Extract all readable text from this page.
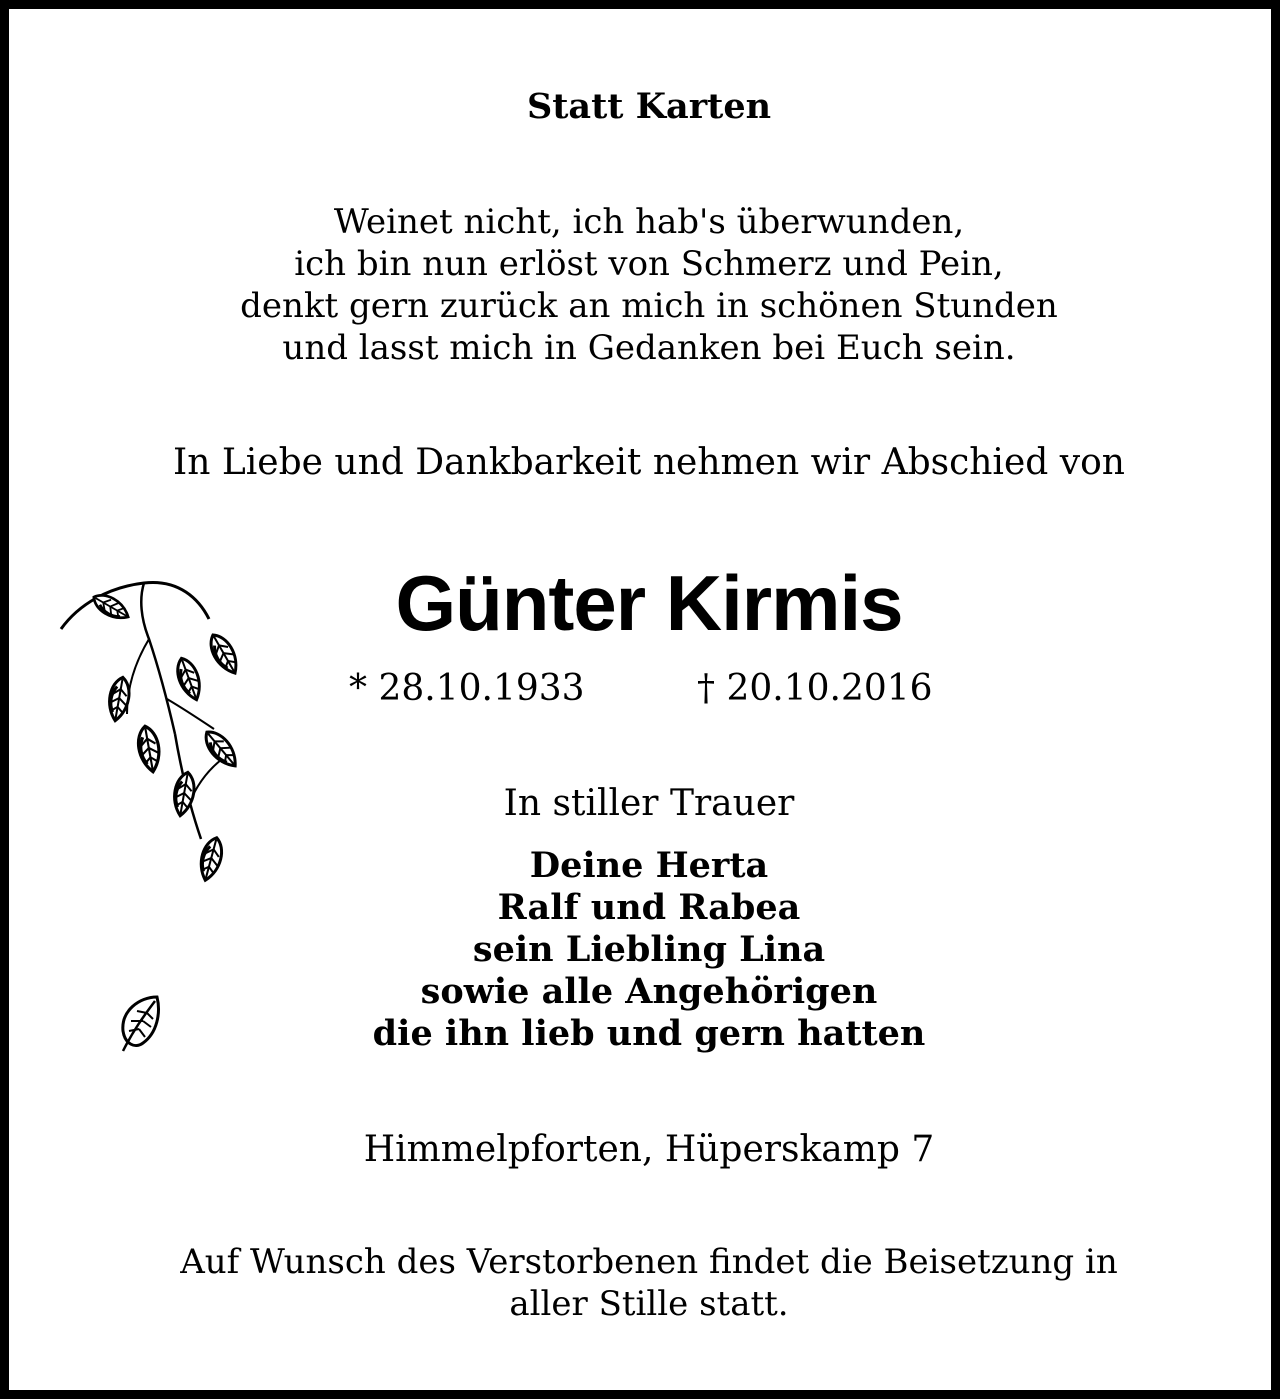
Statt Karten
Weinet nicht, ich hab's überwunden,
ich bin nun erlöst von Schmerz und Pein,
denkt gern zurück an mich in schönen Stunden
und lasst mich in Gedanken bei Euch sein.
In Liebe und Dankbarkeit nehmen wir Abschied von
Günter Kirmis
* 28.10.1933	† 20.10.2016
In stiller Trauer
Deine Herta
Ralf und Rabea
sein Liebling Lina
sowie alle Angehörigen
die ihn lieb und gern hatten
Himmelpforten, Hüperskamp 7
Auf Wunsch des Verstorbenen findet die Beisetzung in
aller Stille statt.
